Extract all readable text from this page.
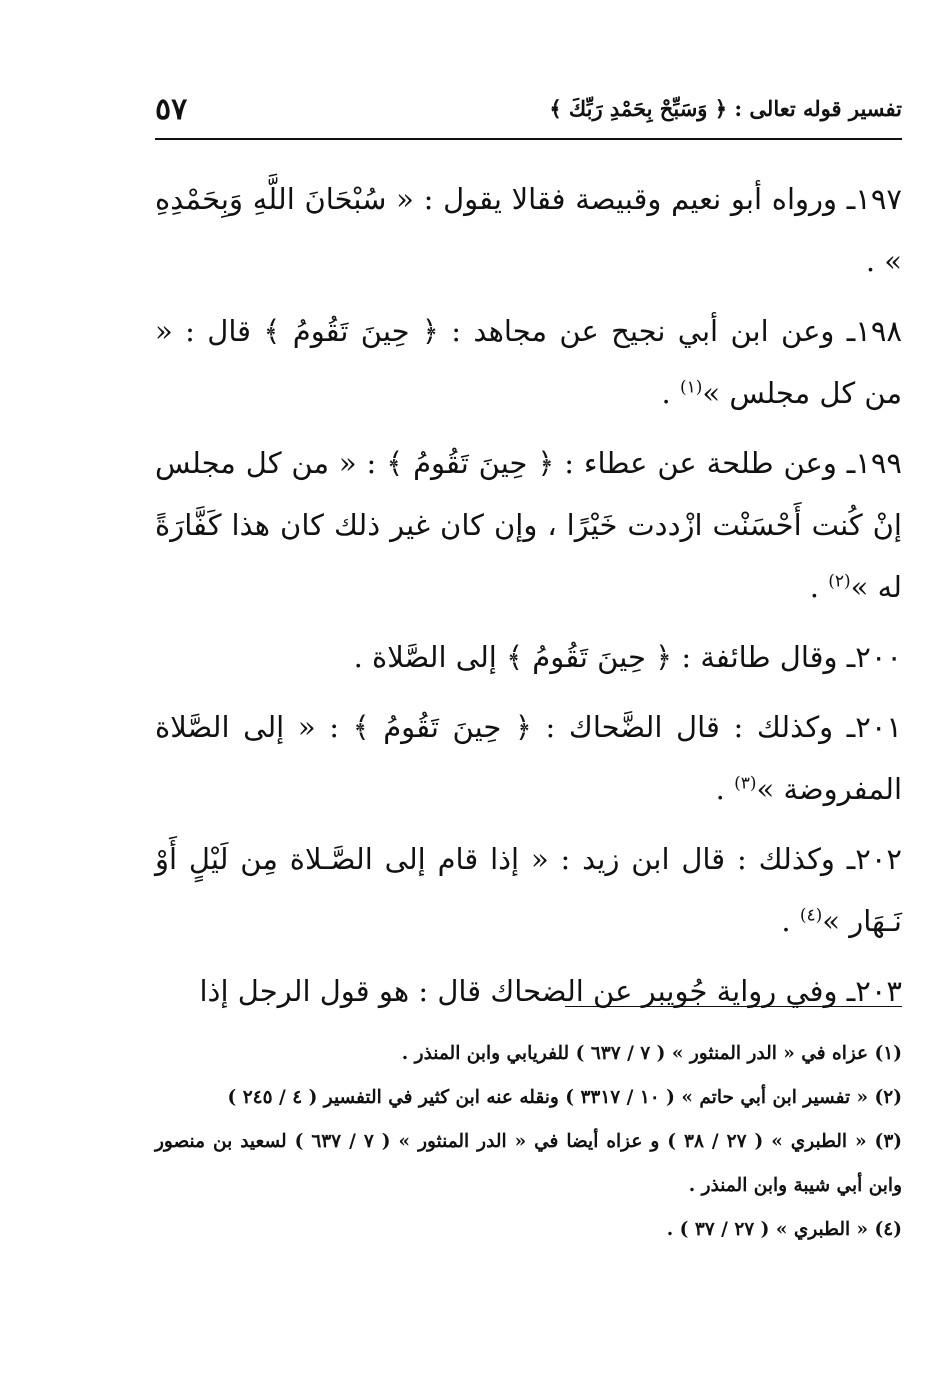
تفسير قوله تعالى : ﴿ وَسَبِّحْ بِحَمْدِ رَبِّكَ ﴾
٥٧

١٩٧ـ ورواه أبو نعيم وقبيصة فقالا يقول : « سُبْحَانَ اللَّهِ وَبِحَمْدِهِ » .

١٩٨ـ وعن ابن أبي نجيح عن مجاهد : ﴿ حِينَ تَقُومُ ﴾ قال : « من كل مجلس »$^{(١)}$ .

١٩٩ـ وعن طلحة عن عطاء : ﴿ حِينَ تَقُومُ ﴾ : « من كل مجلس إنْ كُنت أَحْسَنْت ازْددت خَيْرًا ، وإن كان غير ذلك كان هذا كَفَّارَةً له »$^{(٢)}$ .

٢٠٠ـ وقال طائفة : ﴿ حِينَ تَقُومُ ﴾ إلى الصَّلاة .

٢٠١ـ وكذلك : قال الضَّحاك : ﴿ حِينَ تَقُومُ ﴾ : « إلى الصَّلاة المفروضة »$^{(٣)}$ .

٢٠٢ـ وكذلك : قال ابن زيد : « إذا قام إلى الصَّـلاة مِن لَيْلٍ أَوْ نَـهَار »$^{(٤)}$ .

٢٠٣ـ وفي رواية جُويبر عن الضحاك قال : هو قول الرجل إذا

(١) عزاه في « الدر المنثور » ( ٧ / ٦٣٧ ) للفريابي وابن المنذر .

(٢) « تفسير ابن أبي حاتم » ( ١٠ / ٣٣١٧ ) ونقله عنه ابن كثير في التفسير ( ٤ / ٢٤٥ )

(٣) « الطبري » ( ٢٧ / ٣٨ ) و عزاه أيضا في « الدر المنثور » ( ٧ / ٦٣٧ ) لسعيد بن منصور وابن أبي شيبة وابن المنذر .

(٤) « الطبري » ( ٢٧ / ٣٧ ) .
